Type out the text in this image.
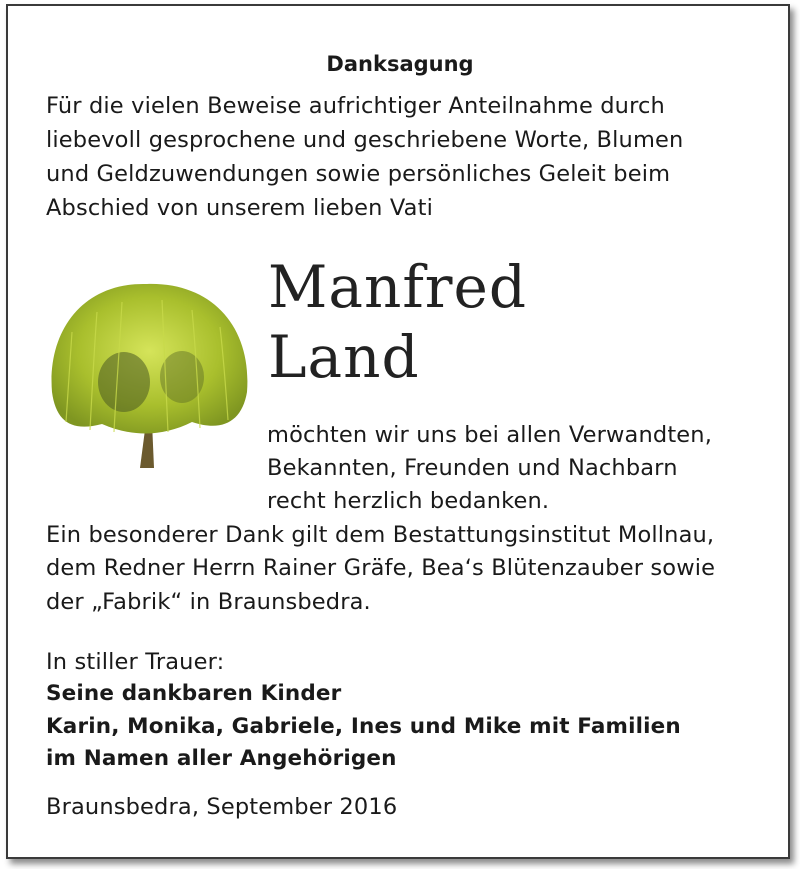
Danksagung
Für die vielen Beweise aufrichtiger Anteilnahme durch
liebevoll gesprochene und geschriebene Worte, Blumen
und Geldzuwendungen sowie persönliches Geleit beim
Abschied von unserem lieben Vati
Manfred
Land
möchten wir uns bei allen Verwandten,
Bekannten, Freunden und Nachbarn
recht herzlich bedanken.
Ein besonderer Dank gilt dem Bestattungsinstitut Mollnau,
dem Redner Herrn Rainer Gräfe, Bea‘s Blütenzauber sowie
der „Fabrik“ in Braunsbedra.
In stiller Trauer:
Seine dankbaren Kinder
Karin, Monika, Gabriele, Ines und Mike mit Familien
im Namen aller Angehörigen
Braunsbedra, September 2016
